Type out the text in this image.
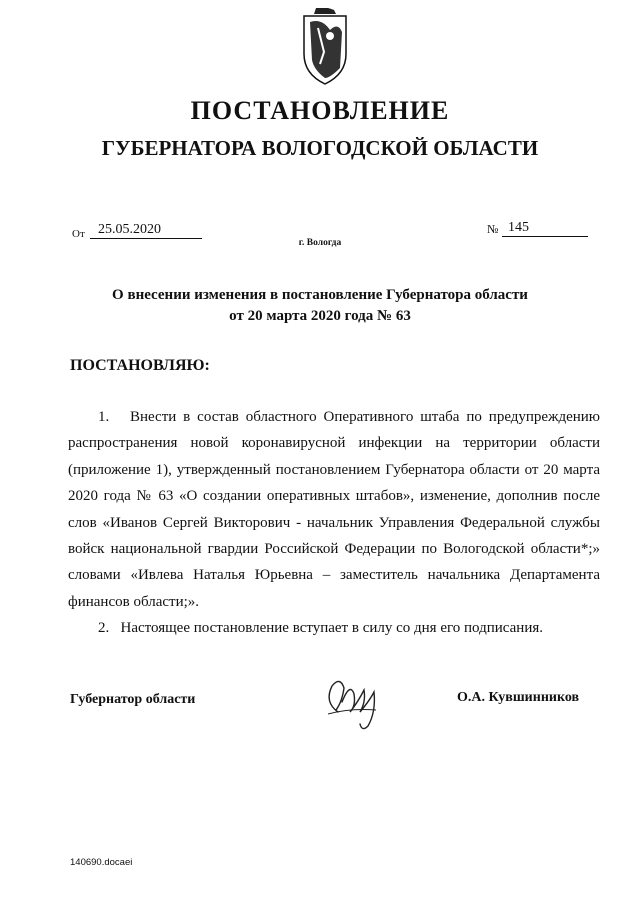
ПОСТАНОВЛЕНИЕ
ГУБЕРНАТОРА ВОЛОГОДСКОЙ ОБЛАСТИ
От 25.05.2020	№ 145
г. Вологда
О внесении изменения в постановление Губернатора области
от 20 марта 2020 года № 63
ПОСТАНОВЛЯЮ:

1. Внести в состав областного Оперативного штаба по предупреждению распространения новой коронавирусной инфекции на территории области (приложение 1), утвержденный постановлением Губернатора области от 20 марта 2020 года № 63 «О создании оперативных штабов», изменение, дополнив после слов «Иванов Сергей Викторович - начальник Управления Федеральной службы войск национальной гвардии Российской Федерации по Вологодской области*;» словами «Ивлева Наталья Юрьевна – заместитель начальника Департамента финансов области;».

2. Настоящее постановление вступает в силу со дня его подписания.

Губернатор области	О.А. Кувшинников
140690.docaei
